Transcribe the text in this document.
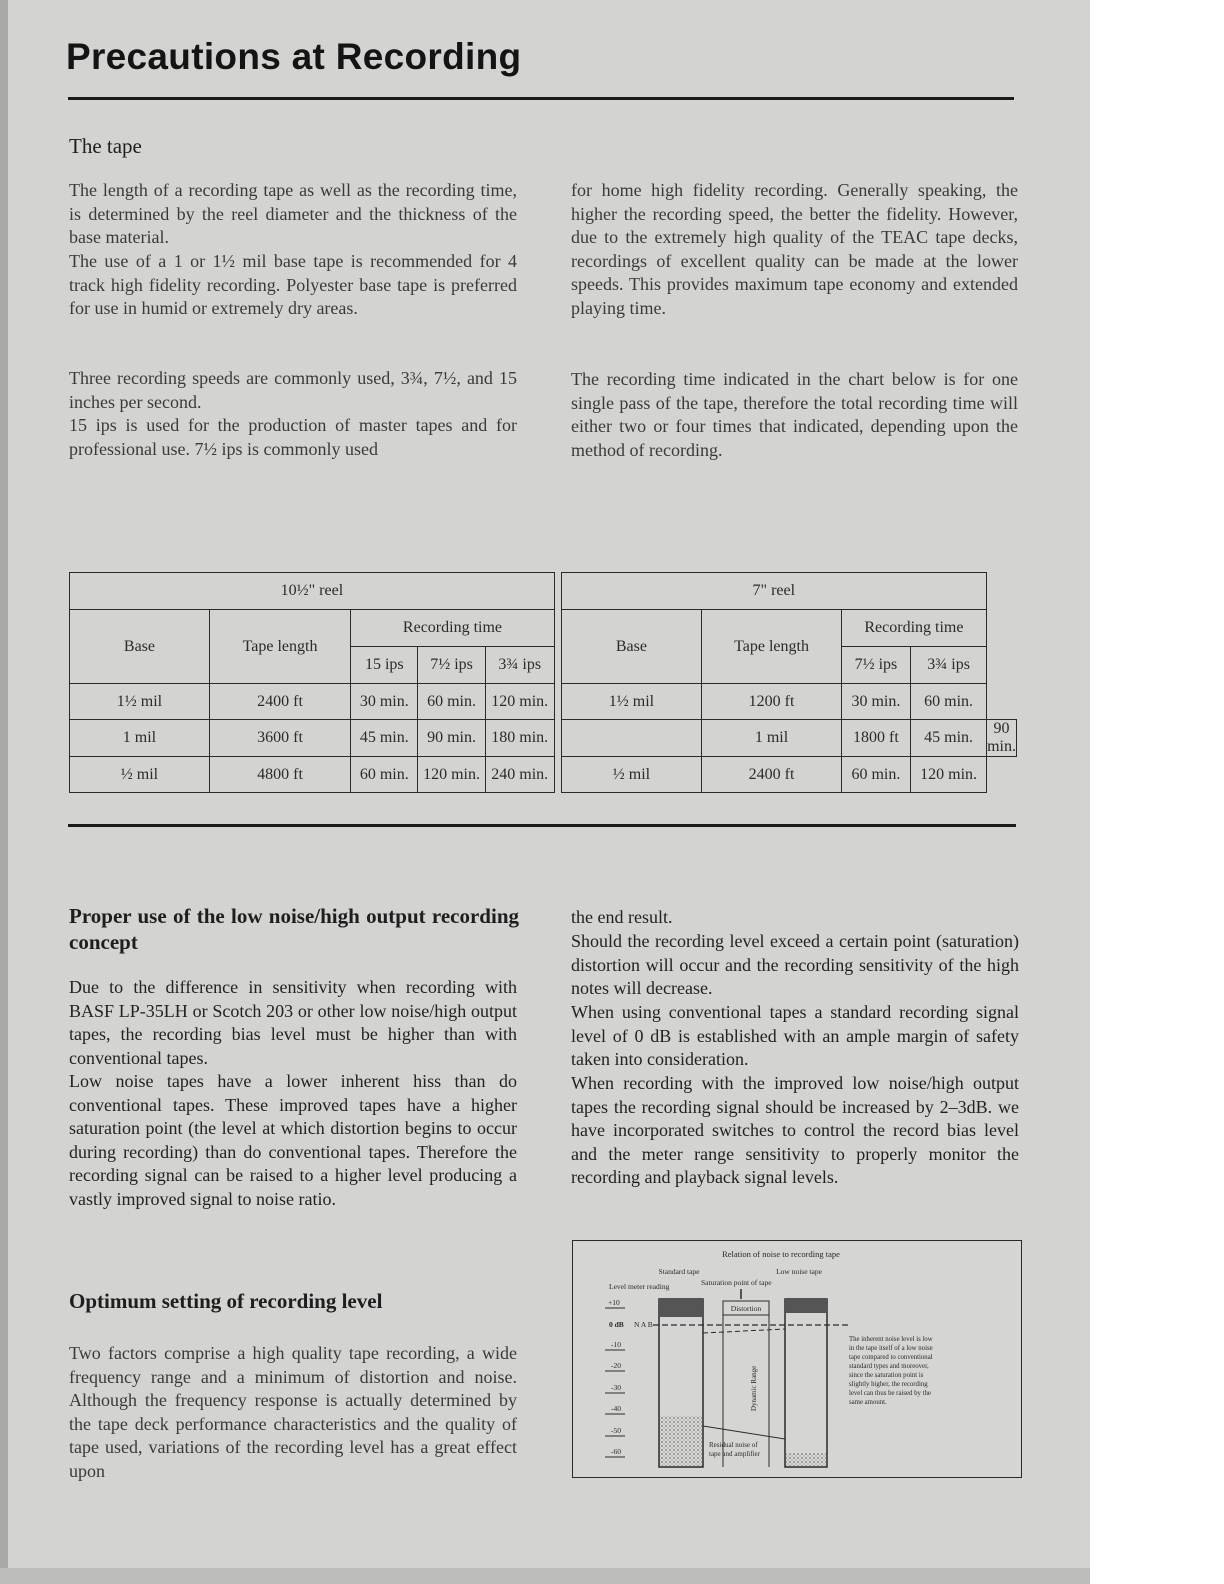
Precautions at Recording
The tape

The length of a recording tape as well as the recording time, is determined by the reel diameter and the thickness of the base material.

The use of a 1 or 1½ mil base tape is recommended for 4 track high fidelity recording. Polyester base tape is preferred for use in humid or extremely dry areas.

Three recording speeds are commonly used, 3¾, 7½, and 15 inches per second.

15 ips is used for the production of master tapes and for professional use. 7½ ips is commonly used

for home high fidelity recording. Generally speaking, the higher the recording speed, the better the fidelity. However, due to the extremely high quality of the TEAC tape decks, recordings of excellent quality can be made at the lower speeds. This provides maximum tape economy and extended playing time.

The recording time indicated in the chart below is for one single pass of the tape, therefore the total recording time will either two or four times that indicated, depending upon the method of recording.

10½" reel						7" reel				
Base	Tape length	Recording time				Base	Tape length	Recording time		
		15 ips	7½ ips	3¾ ips				7½ ips	3¾ ips	
1½ mil	2400 ft	30 min.	60 min.	120 min.		1½ mil	1200 ft	30 min.	60 min.	
1 mil	3600 ft	45 min.	90 min.	180 min.			1 mil	1800 ft	45 min.	90 min.
½ mil	4800 ft	60 min.	120 min.	240 min.		½ mil	2400 ft	60 min.	120 min.	
Proper use of the low noise/high output recording concept

Due to the difference in sensitivity when recording with BASF LP-35LH or Scotch 203 or other low noise/high output tapes, the recording bias level must be higher than with conventional tapes.

Low noise tapes have a lower inherent hiss than do conventional tapes. These improved tapes have a higher saturation point (the level at which distortion begins to occur during recording) than do conventional tapes. Therefore the recording signal can be raised to a higher level producing a vastly improved signal to noise ratio.

Optimum setting of recording level

Two factors comprise a high quality tape recording, a wide frequency range and a minimum of distortion and noise. Although the frequency response is actually determined by the tape deck performance characteristics and the quality of tape used, variations of the recording level has a great effect upon

the end result.

Should the recording level exceed a certain point (saturation) distortion will occur and the recording sensitivity of the high notes will decrease.

When using conventional tapes a standard recording signal level of 0 dB is established with an ample margin of safety taken into consideration.

When recording with the improved low noise/high output tapes the recording signal should be increased by 2–3dB. we have incorporated switches to control the record bias level and the meter range sensitivity to properly monitor the recording and playback signal levels.

Relation of noise to recording tape
Standard tape	Low noise tape
Level meter reading	Saturation point of tape
+10
0 dB
-10
-20
-30
-40
-50
-60
N A B
Distortion
Dynamic Range
Residual noise of
tape and amplifier
The inherent noise level is low
in the tape itself of a low noise
tape compared to conventional
standard types and moreover,
since the saturation point is
slightly higher, the recording
level can thus be raised by the
same amount.
